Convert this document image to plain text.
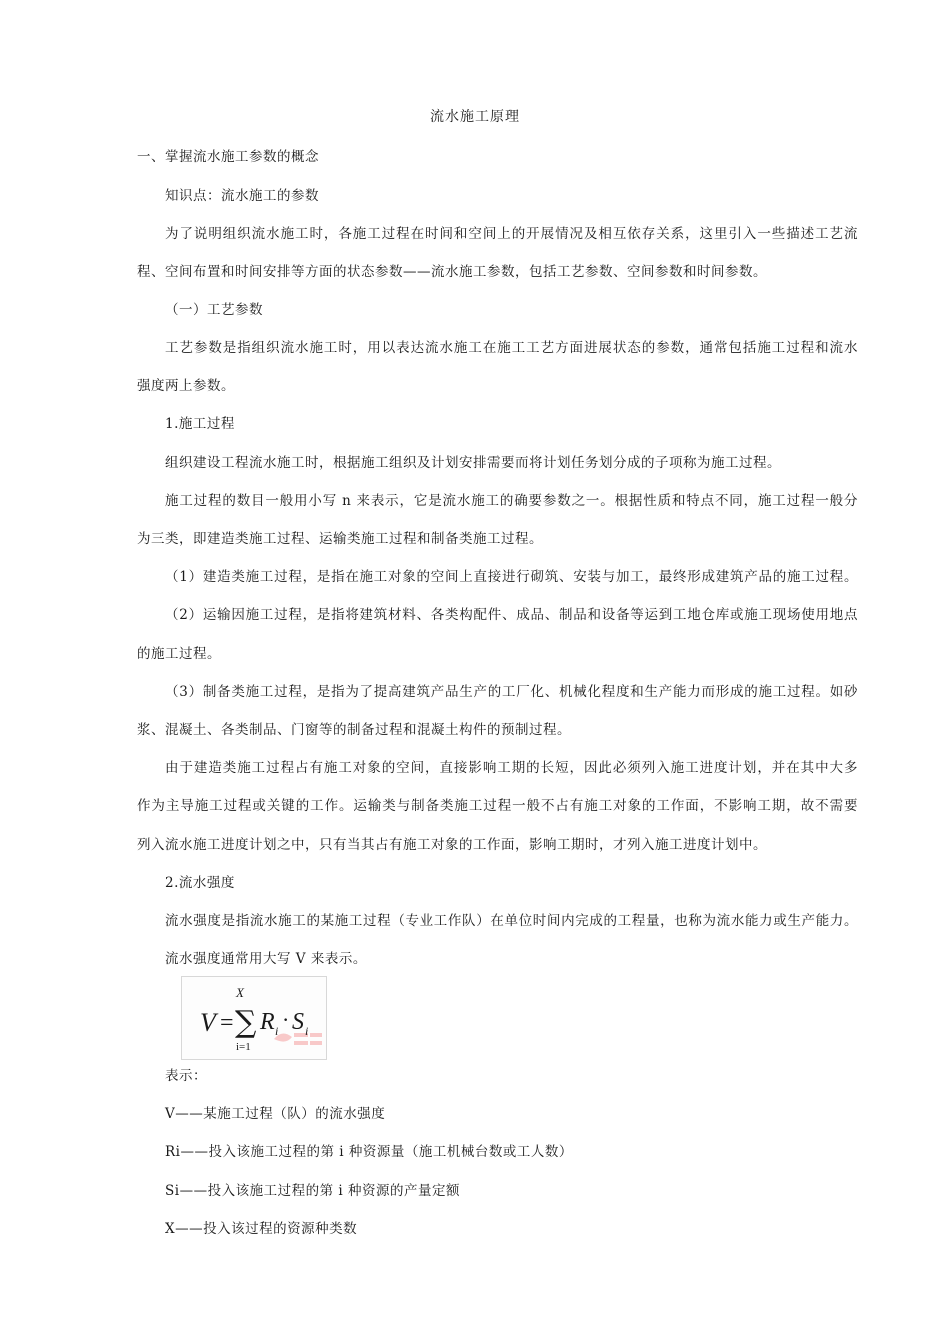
流水施工原理
一、掌握流水施工参数的概念
知识点：流水施工的参数
为了说明组织流水施工时，各施工过程在时间和空间上的开展情况及相互依存关系，这里引入一些描述工艺流
程、空间布置和时间安排等方面的状态参数——流水施工参数，包括工艺参数、空间参数和时间参数。
（一）工艺参数
工艺参数是指组织流水施工时，用以表达流水施工在施工工艺方面进展状态的参数，通常包括施工过程和流水
强度两上参数。
1.施工过程
组织建设工程流水施工时，根据施工组织及计划安排需要而将计划任务划分成的子项称为施工过程。
施工过程的数目一般用小写 n 来表示，它是流水施工的确要参数之一。根据性质和特点不同，施工过程一般分
为三类，即建造类施工过程、运输类施工过程和制备类施工过程。
（1）建造类施工过程，是指在施工对象的空间上直接进行砌筑、安装与加工，最终形成建筑产品的施工过程。
（2）运输因施工过程，是指将建筑材料、各类构配件、成品、制品和设备等运到工地仓库或施工现场使用地点
的施工过程。
（3）制备类施工过程，是指为了提高建筑产品生产的工厂化、机械化程度和生产能力而形成的施工过程。如砂
浆、混凝土、各类制品、门窗等的制备过程和混凝土构件的预制过程。
由于建造类施工过程占有施工对象的空间，直接影响工期的长短，因此必须列入施工进度计划，并在其中大多
作为主导施工过程或关键的工作。运输类与制备类施工过程一般不占有施工对象的工作面，不影响工期，故不需要
列入流水施工进度计划之中，只有当其占有施工对象的工作面，影响工期时，才列入施工进度计划中。
2.流水强度
流水强度是指流水施工的某施工过程（专业工作队）在单位时间内完成的工程量，也称为流水能力或生产能力。
流水强度通常用大写 V 来表示。
V =
X
∑
i=1
R i · S i
表示：
V——某施工过程（队）的流水强度
Ri——投入该施工过程的第 i 种资源量（施工机械台数或工人数）
Si——投入该施工过程的第 i 种资源的产量定额
X——投入该过程的资源种类数
